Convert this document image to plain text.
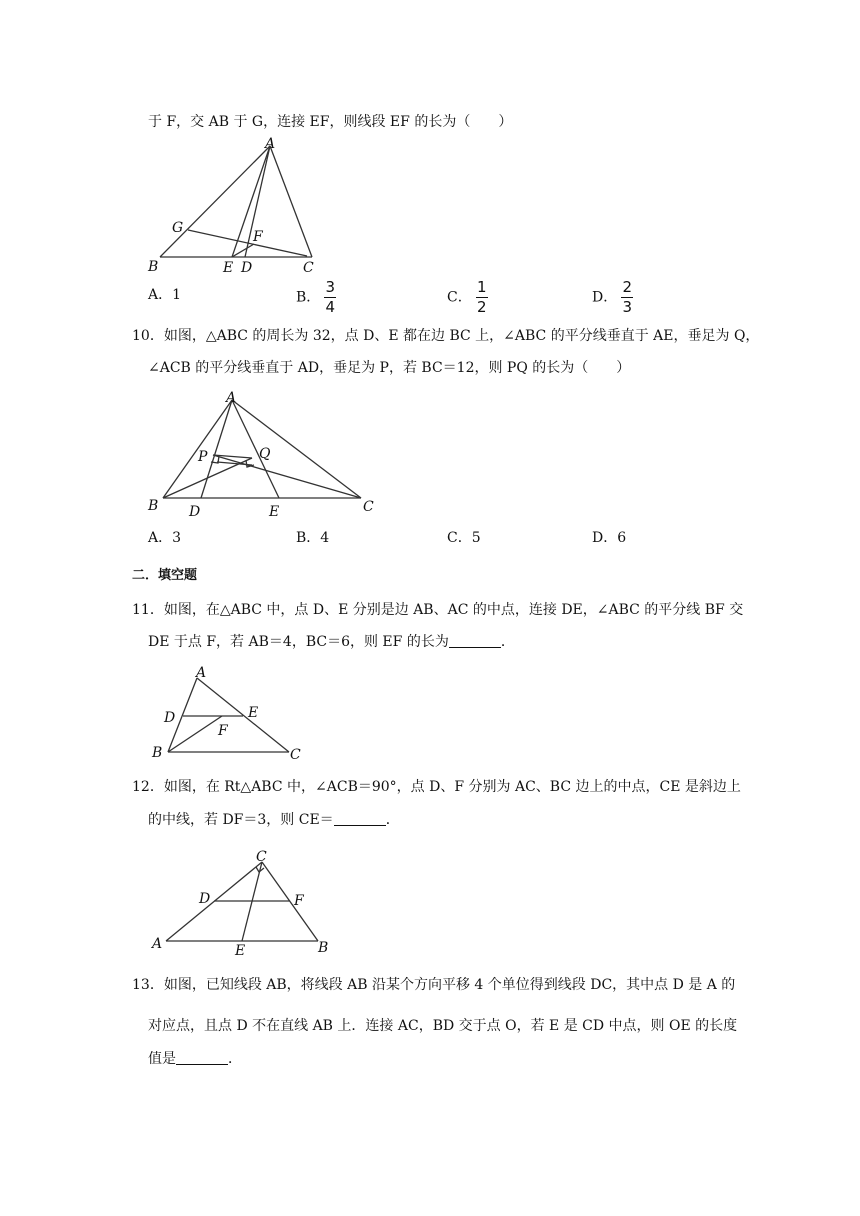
于 F，交 AB 于 G，连接 EF，则线段 EF 的长为（　　）
A
G
F
B	E D	C
A．1	B． $\frac{3}{4}$	C． $\frac{1}{2}$	D． $\frac{2}{3}$
10．如图，△ABC 的周长为 32，点 D、E 都在边 BC 上，∠ABC 的平分线垂直于 AE，垂足为 Q，
∠ACB 的平分线垂直于 AD，垂足为 P，若 BC＝12，则 PQ 的长为（　　）
A
P	Q
B D	E	C
A．3	B．4	C．5	D．6
二．填空题
11．如图，在△ABC 中，点 D、E 分别是边 AB、AC 的中点，连接 DE，∠ABC 的平分线 BF 交
DE 于点 F，若 AB＝4，BC＝6，则 EF 的长为	．
A
D	E
F
B	C
12．如图，在 Rt△ABC 中，∠ACB＝90°，点 D、F 分别为 AC、BC 边上的中点，CE 是斜边上
的中线，若 DF＝3，则 CE＝	．
C
D	F
A	E	B
13．如图，已知线段 AB，将线段 AB 沿某个方向平移 4 个单位得到线段 DC，其中点 D 是 A 的
对应点，且点 D 不在直线 AB 上．连接 AC，BD 交于点 O，若 E 是 CD 中点，则 OE 的长度
值是	．
